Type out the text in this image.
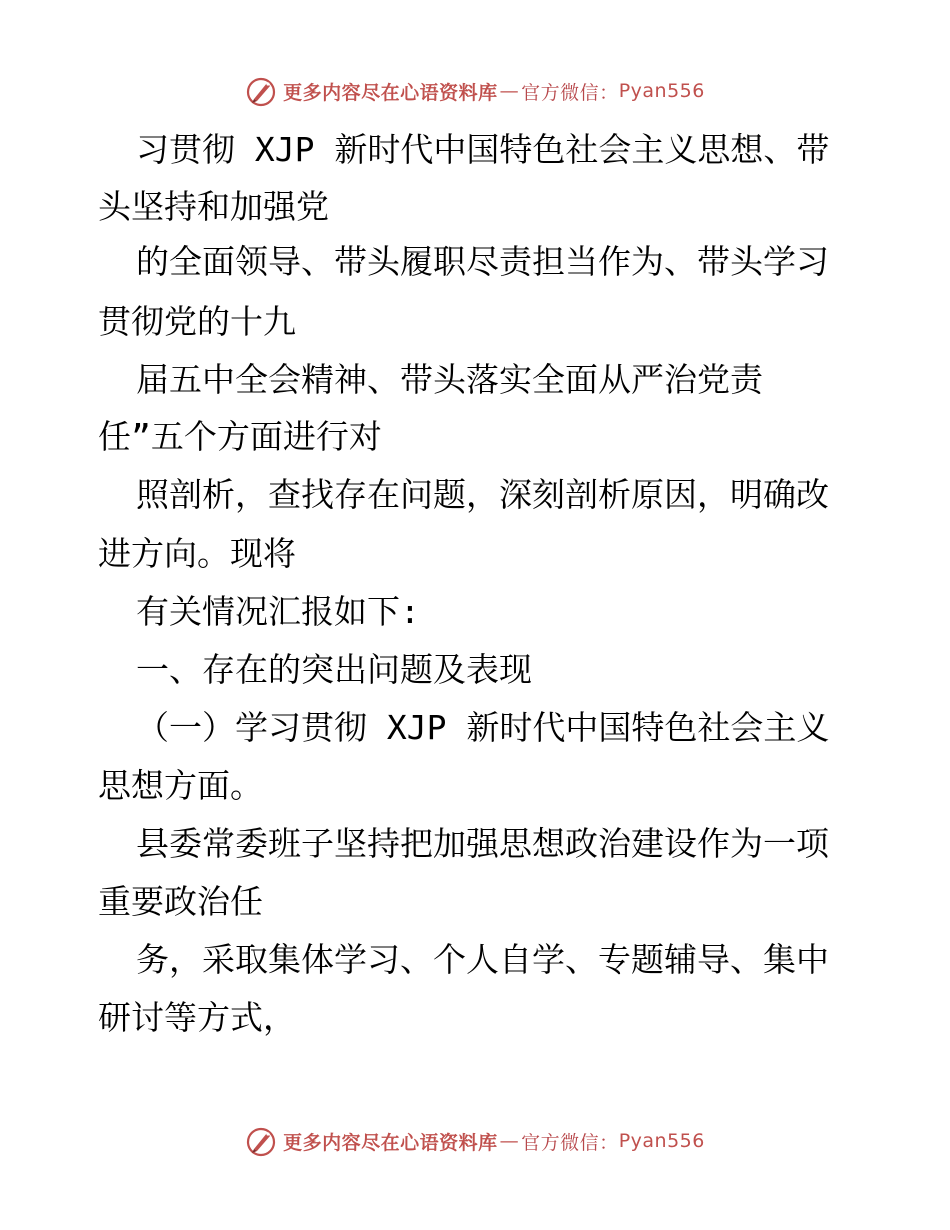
更多内容尽在心语资料库 — 官方微信： Pyan556
习贯彻 XJP 新时代中国特色社会主义思想、带
头坚持和加强党
的全面领导、带头履职尽责担当作为、带头学习
贯彻党的十九
届五中全会精神、带头落实全面从严治党责
任”五个方面进行对
照剖析，查找存在问题，深刻剖析原因，明确改
进方向。现将
有关情况汇报如下:
一、存在的突出问题及表现
（一）学习贯彻 XJP 新时代中国特色社会主义
思想方面。
县委常委班子坚持把加强思想政治建设作为一项
重要政治任
务，采取集体学习、个人自学、专题辅导、集中
研讨等方式，
更多内容尽在心语资料库 — 官方微信： Pyan556
